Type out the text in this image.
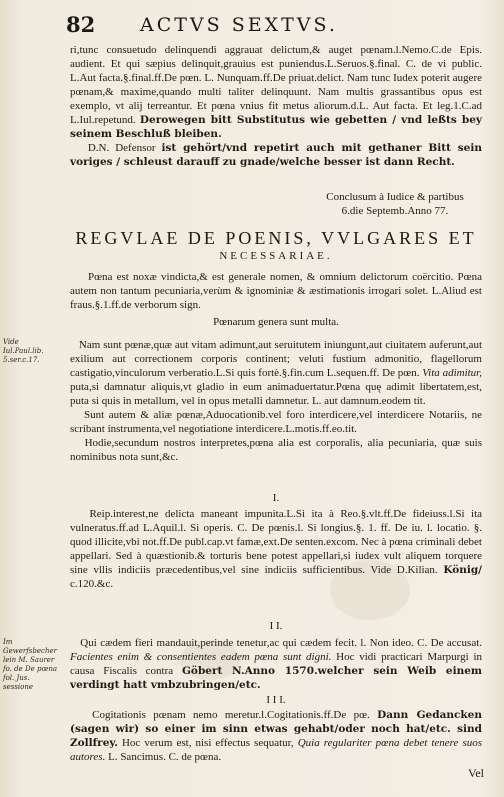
82 ACTVS SEXTVS.
ri,tunc consuetudo delinquendi aggrauat delictum,& auget pœnam.l.Nemo.C.de Epis. audient. Et qui sæpius delinquit,grauius est puniendus.L.Seruos.§.final. C. de vi public. L.Aut facta.§.final.ff.De pœn. L. Nunquam.ff.De priuat.delict. Nam tunc Iudex poterit augere pœnam,& maxime,quando multi taliter delinquunt. Nam multis grassantibus opus est exemplo, vt alij terreantur. Et pœna vnius fit metus aliorum.d.L. Aut facta. Et leg.1.C.ad L.Iul.repetund. Derowegen bitt Substitutus wie gebetten / vnd leßts bey seinem Beschluß bleiben.
D.N. Defensor ist gehört/vnd repetirt auch mit gethaner Bitt sein voriges / schleust darauff zu gnade/welche besser ist dann Recht.
Conclusum à Iudice & partibus
6.die Septemb.Anno 77.
REGVLAE DE POENIS, VVLGARES ET
NECESSARIAE.
Pœna est noxæ vindicta,& est generale nomen, & omnium delictorum coërcitio. Pœna autem non tantum pecuniaria,verùm & ignominiæ & æstimationis irrogari solet. L.Aliud est fraus.§.1.ff.de verborum sign.
Pœnarum genera sunt multa.
Vide Iul.Paul.lib. 5.ser.c.17.
Nam sunt pœnæ,quæ aut vitam adimunt,aut seruitutem iniungunt,aut ciuitatem auferunt,aut exilium aut correctionem corporis continent; veluti fustium admonitio, flagellorum castigatio,vinculorum verberatio.L.Si quis fortè.§.fin.cum L.sequen.ff. De pœn. Vita adimitur, puta,si damnatur aliquis,vt gladio in eum animaduertatur.Pœna quę adimit libertatem,est, puta si quis in metallum, vel in opus metalli damnetur. L. aut damnum.eodem tit.
Sunt autem & aliæ pœnæ,Aduocationib.vel foro interdicere,vel interdicere Notariis, ne scribant instrumenta,vel negotiatione interdicere.L.motis.ff.eo.tit.
Hodie,secundum nostros interpretes,pœna alia est corporalis, alia pecuniaria, quæ suis nominibus nota sunt,&c.
I.
Reip.interest,ne delicta maneant impunita.L.Si ita à Reo.§.vlt.ff.De fideiuss.l.Si ita vulneratus.ff.ad L.Aquil.l. Si operis. C. De pœnis.l. Si longius.§. 1. ff. De iu. l. locatio. §. quod illicite,vbi not.ff.De publ.cap.vt famæ,ext.De senten.excom. Nec à pœna criminali debet appellari. Sed à quæstionib.& torturis bene potest appellari,si iudex vult aliquem torquere sine vllis indiciis præcedentibus,vel sine indiciis sufficientibus. Vide D.Kilian. König/ c.120.&c.
I I.
Im Gewerfsbecher lein M. Saurer fo. de De pœna fol. Jus. sessione
Qui cædem fieri mandauit,perinde tenetur,ac qui cædem fecit. l. Non ideo. C. De accusat. Facientes enim & consentientes eadem pœna sunt digni. Hoc vidi practicari Marpurgi in causa Fiscalis contra Göbert N.Anno 1570.welcher sein Weib einem verdingt hatt vmbzubringen/etc.
I I I.
Cogitationis pœnam nemo meretur.l.Cogitationis.ff.De pœ. Dann Gedancken (sagen wir) so einer im sinn etwas gehabt/oder noch hat/etc. sind Zollfrey. Hoc verum est, nisi effectus sequatur, Quia regulariter pœna debet tenere suos autores. L. Sancimus. C. de pœna.
Vel
